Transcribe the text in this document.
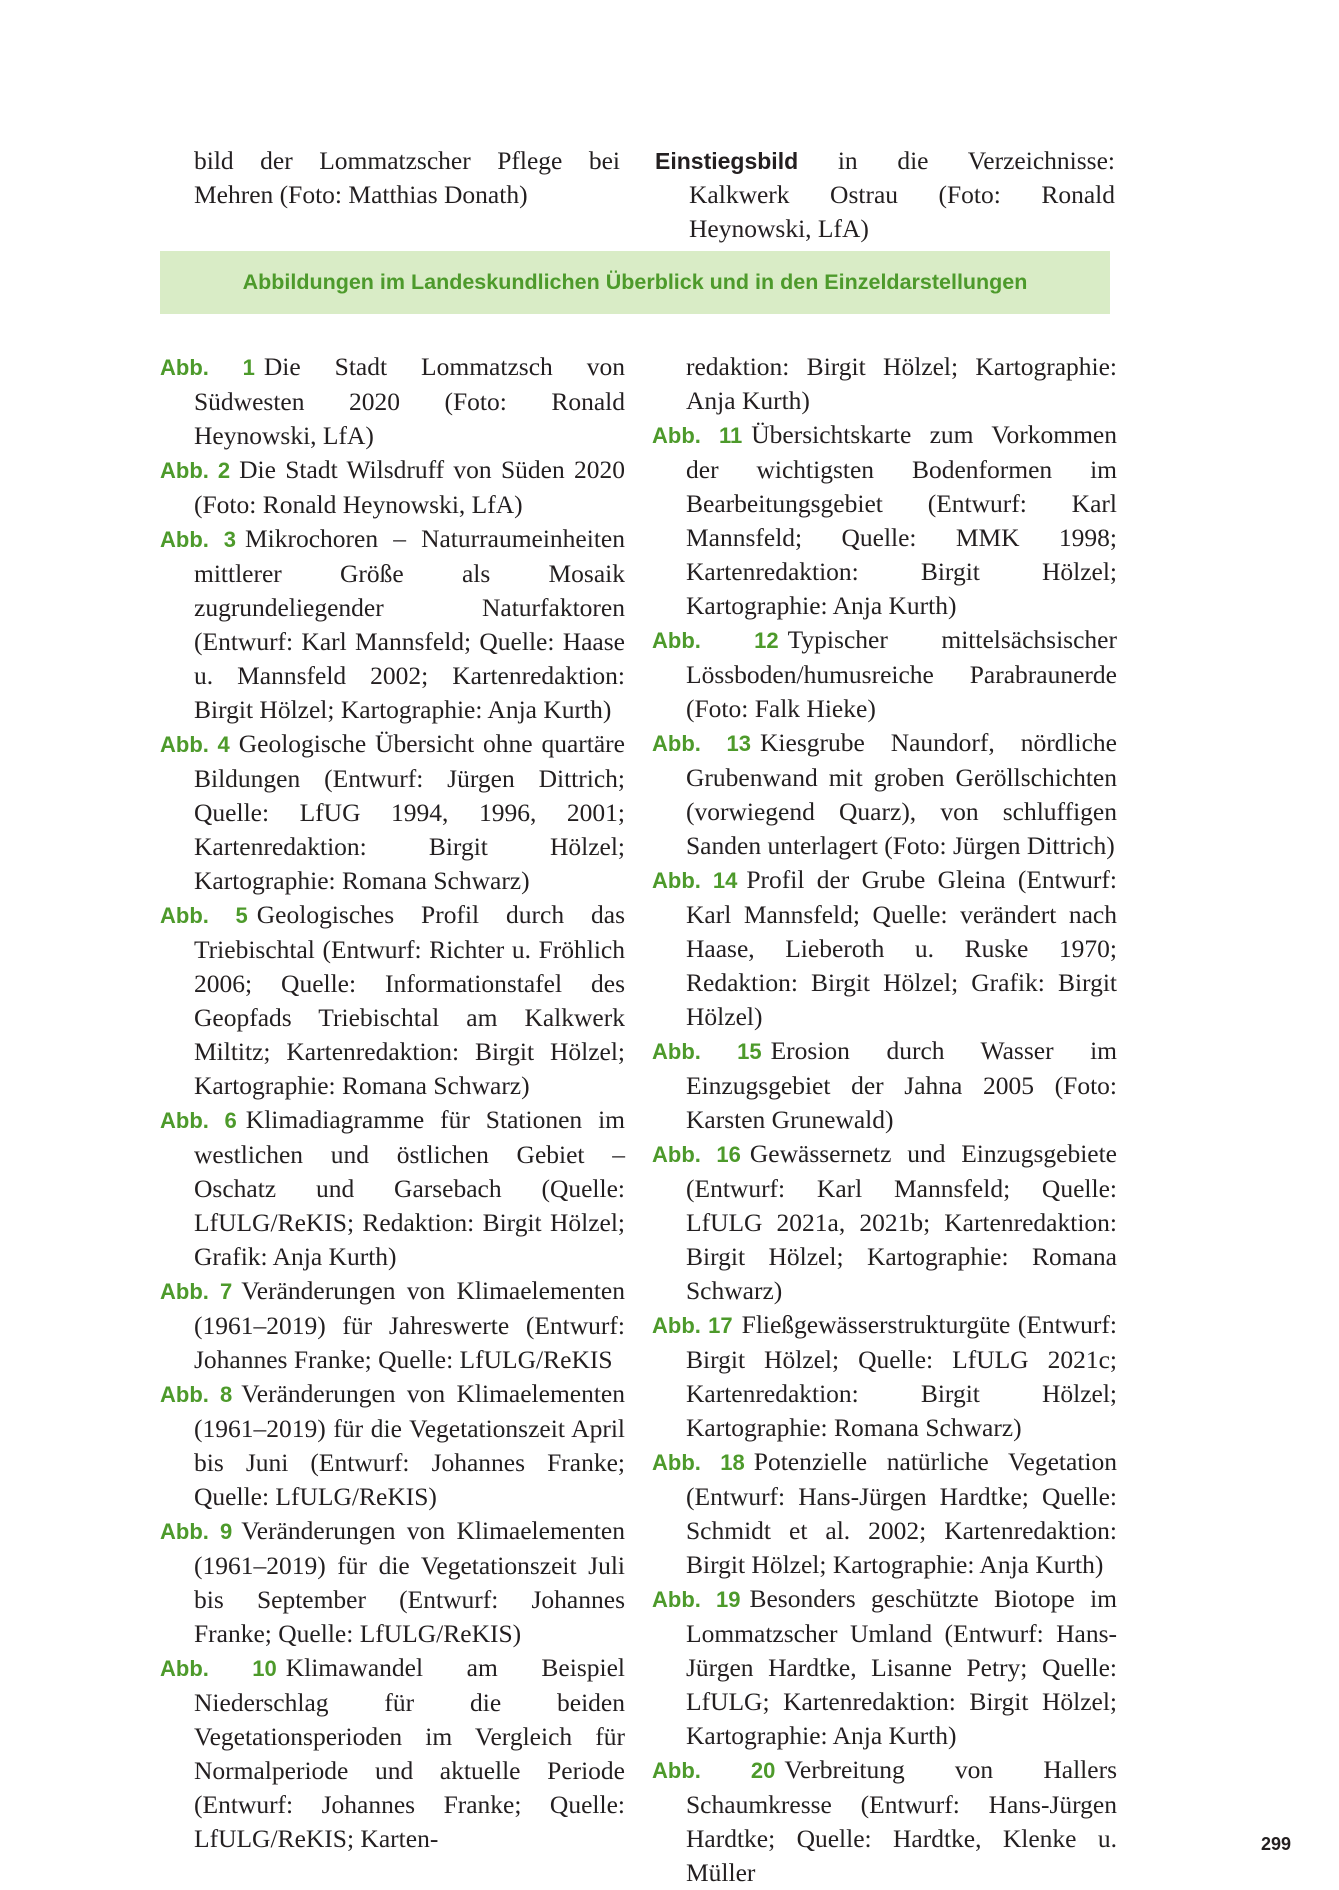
bild der Lommatzscher Pflege bei Mehren (Foto: Matthias Donath)

Einstiegsbild in die Verzeichnisse: Kalkwerk Ostrau (Foto: Ronald Heynowski, LfA)

Abbildungen im Landeskundlichen Überblick und in den Einzeldarstellungen

Abb. 1 Die Stadt Lommatzsch von Südwesten 2020 (Foto: Ronald Heynowski, LfA)

Abb. 2 Die Stadt Wilsdruff von Süden 2020 (Foto: Ronald Heynowski, LfA)

Abb. 3 Mikrochoren – Naturraumeinheiten mittlerer Größe als Mosaik zugrundeliegender Naturfaktoren (Entwurf: Karl Mannsfeld; Quelle: Haase u. Mannsfeld 2002; Kartenredaktion: Birgit Hölzel; Kartographie: Anja Kurth)

Abb. 4 Geologische Übersicht ohne quartäre Bildungen (Entwurf: Jürgen Dittrich; Quelle: LfUG 1994, 1996, 2001; Kartenredaktion: Birgit Hölzel; Kartographie: Romana Schwarz)

Abb. 5 Geologisches Profil durch das Triebischtal (Entwurf: Richter u. Fröhlich 2006; Quelle: Informationstafel des Geopfads Triebischtal am Kalkwerk Miltitz; Kartenredaktion: Birgit Hölzel; Kartographie: Romana Schwarz)

Abb. 6 Klimadiagramme für Stationen im westlichen und östlichen Gebiet – Oschatz und Garsebach (Quelle: LfULG/ReKIS; Redaktion: Birgit Hölzel; Grafik: Anja Kurth)

Abb. 7 Veränderungen von Klimaelementen (1961–2019) für Jahreswerte (Entwurf: Johannes Franke; Quelle: LfULG/ReKIS

Abb. 8 Veränderungen von Klimaelementen (1961–2019) für die Vegetationszeit April bis Juni (Entwurf: Johannes Franke; Quelle: LfULG/ReKIS)

Abb. 9 Veränderungen von Klimaelementen (1961–2019) für die Vegetationszeit Juli bis September (Entwurf: Johannes Franke; Quelle: LfULG/ReKIS)

Abb. 10 Klimawandel am Beispiel Niederschlag für die beiden Vegetationsperioden im Vergleich für Normalperiode und aktuelle Periode (Entwurf: Johannes Franke; Quelle: LfULG/ReKIS; Karten-

redaktion: Birgit Hölzel; Kartographie: Anja Kurth)

Abb. 11 Übersichtskarte zum Vorkommen der wichtigsten Bodenformen im Bearbeitungsgebiet (Entwurf: Karl Mannsfeld; Quelle: MMK 1998; Kartenredaktion: Birgit Hölzel; Kartographie: Anja Kurth)

Abb. 12 Typischer mittelsächsischer Lössboden/humusreiche Parabraunerde (Foto: Falk Hieke)

Abb. 13 Kiesgrube Naundorf, nördliche Grubenwand mit groben Geröllschichten (vorwiegend Quarz), von schluffigen Sanden unterlagert (Foto: Jürgen Dittrich)

Abb. 14 Profil der Grube Gleina (Entwurf: Karl Mannsfeld; Quelle: verändert nach Haase, Lieberoth u. Ruske 1970; Redaktion: Birgit Hölzel; Grafik: Birgit Hölzel)

Abb. 15 Erosion durch Wasser im Einzugsgebiet der Jahna 2005 (Foto: Karsten Grunewald)

Abb. 16 Gewässernetz und Einzugsgebiete (Entwurf: Karl Mannsfeld; Quelle: LfULG 2021a, 2021b; Kartenredaktion: Birgit Hölzel; Kartographie: Romana Schwarz)

Abb. 17 Fließgewässerstrukturgüte (Entwurf: Birgit Hölzel; Quelle: LfULG 2021c; Kartenredaktion: Birgit Hölzel; Kartographie: Romana Schwarz)

Abb. 18 Potenzielle natürliche Vegetation (Entwurf: Hans-Jürgen Hardtke; Quelle: Schmidt et al. 2002; Kartenredaktion: Birgit Hölzel; Kartographie: Anja Kurth)

Abb. 19 Besonders geschützte Biotope im Lommatzscher Umland (Entwurf: Hans-Jürgen Hardtke, Lisanne Petry; Quelle: LfULG; Kartenredaktion: Birgit Hölzel; Kartographie: Anja Kurth)

Abb. 20 Verbreitung von Hallers Schaumkresse (Entwurf: Hans-Jürgen Hardtke; Quelle: Hardtke, Klenke u. Müller

299
